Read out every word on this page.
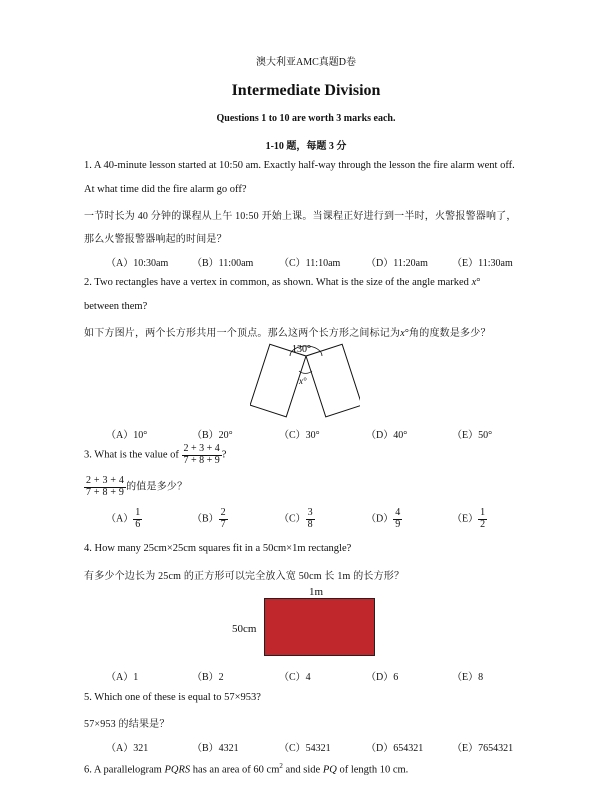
澳大利亚AMC真题D卷
Intermediate Division
Questions 1 to 10 are worth 3 marks each.
1-10 题，每题 3 分
1. A 40-minute lesson started at 10:50 am. Exactly half-way through the lesson the fire alarm went off.
At what time did the fire alarm go off?
一节时长为 40 分钟的课程从上午 10:50 开始上课。当课程正好进行到一半时，火警报警器响了，
那么火警报警器响起的时间是？
（A）10:30am （B）11:00am	（C）11:10am	（D）11:20am （E）11:30am
2. Two rectangles have a vertex in common, as shown. What is the size of the angle marked x°
between them?
如下方图片，两个长方形共用一个顶点。那么这两个长方形之间标记为x°角的度数是多少？
130°
x°
（A）10°	（B）20°	（C）30°	（D）40°	（E）50°
3. What is the value of $\frac{2 + 3 + 4}{7 + 8 + 9}$ ?
$\frac{2 + 3 + 4}{7 + 8 + 9}$ 的值是多少？
$(A) \frac{1}{6}$	$(B) \frac{2}{7}$	$(C) \frac{3}{8}$	$(D) \frac{4}{9}$	$(E) \frac{1}{2}$
4. How many 25cm×25cm squares fit in a 50cm×1m rectangle?
有多少个边长为 25cm 的正方形可以完全放入宽 50cm 长 1m 的长方形？
1m
50cm
（A）1	（B）2	（C）4	（D）6	（E）8
5. Which one of these is equal to 57×953?
57×953 的结果是？
（A）321	（B）4321	（C）54321	（D）654321	（E）7654321
6. A parallelogram PQRS has an area of 60 $cm^2$ and side PQ of length 10 cm.
